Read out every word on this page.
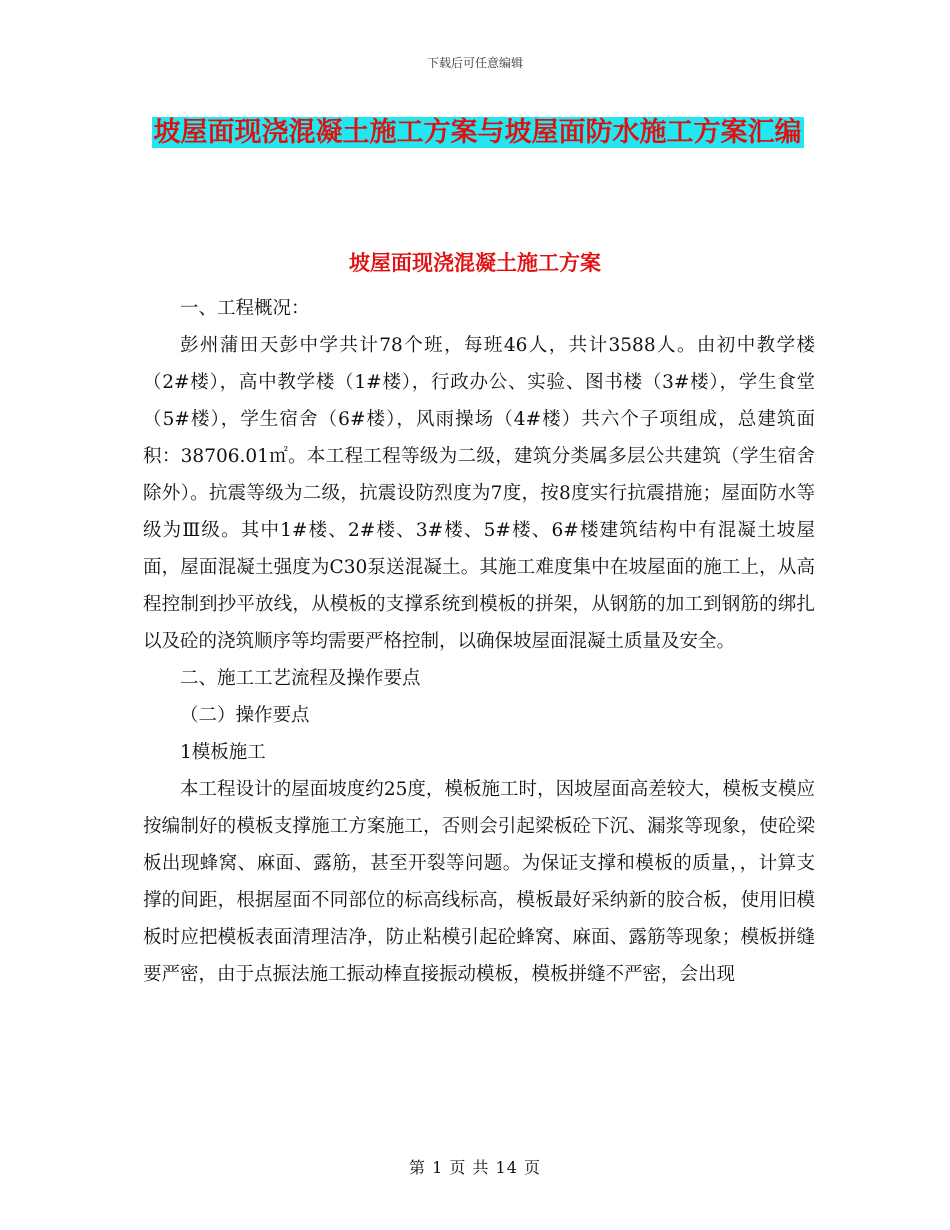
下载后可任意编辑
坡屋面现浇混凝土施工方案与坡屋面防水施工方案汇编
坡屋面现浇混凝土施工方案

一、工程概况：

彭州蒲田天彭中学共计78个班，每班46人，共计3588人。由初中教学楼（2#楼），高中教学楼（1#楼），行政办公、实验、图书楼（3#楼），学生食堂（5#楼），学生宿舍（6#楼），风雨操场（4#楼）共六个子项组成，总建筑面积：38706.01㎡。本工程工程等级为二级，建筑分类属多层公共建筑（学生宿舍除外）。抗震等级为二级，抗震设防烈度为7度，按8度实行抗震措施；屋面防水等级为Ⅲ级。其中1#楼、2#楼、3#楼、5#楼、6#楼建筑结构中有混凝土坡屋面，屋面混凝土强度为C30泵送混凝土。其施工难度集中在坡屋面的施工上，从高程控制到抄平放线，从模板的支撑系统到模板的拼架，从钢筋的加工到钢筋的绑扎以及砼的浇筑顺序等均需要严格控制，以确保坡屋面混凝土质量及安全。

二、施工工艺流程及操作要点

（二）操作要点

1模板施工

本工程设计的屋面坡度约25度，模板施工时，因坡屋面高差较大，模板支模应按编制好的模板支撑施工方案施工，否则会引起梁板砼下沉、漏浆等现象，使砼梁板出现蜂窝、麻面、露筋，甚至开裂等问题。为保证支撑和模板的质量，，计算支撑的间距，根据屋面不同部位的标高线标高，模板最好采纳新的胶合板，使用旧模板时应把模板表面清理洁净，防止粘模引起砼蜂窝、麻面、露筋等现象；模板拼缝要严密，由于点振法施工振动棒直接振动模板，模板拼缝不严密，会出现

第 1 页 共 14 页
